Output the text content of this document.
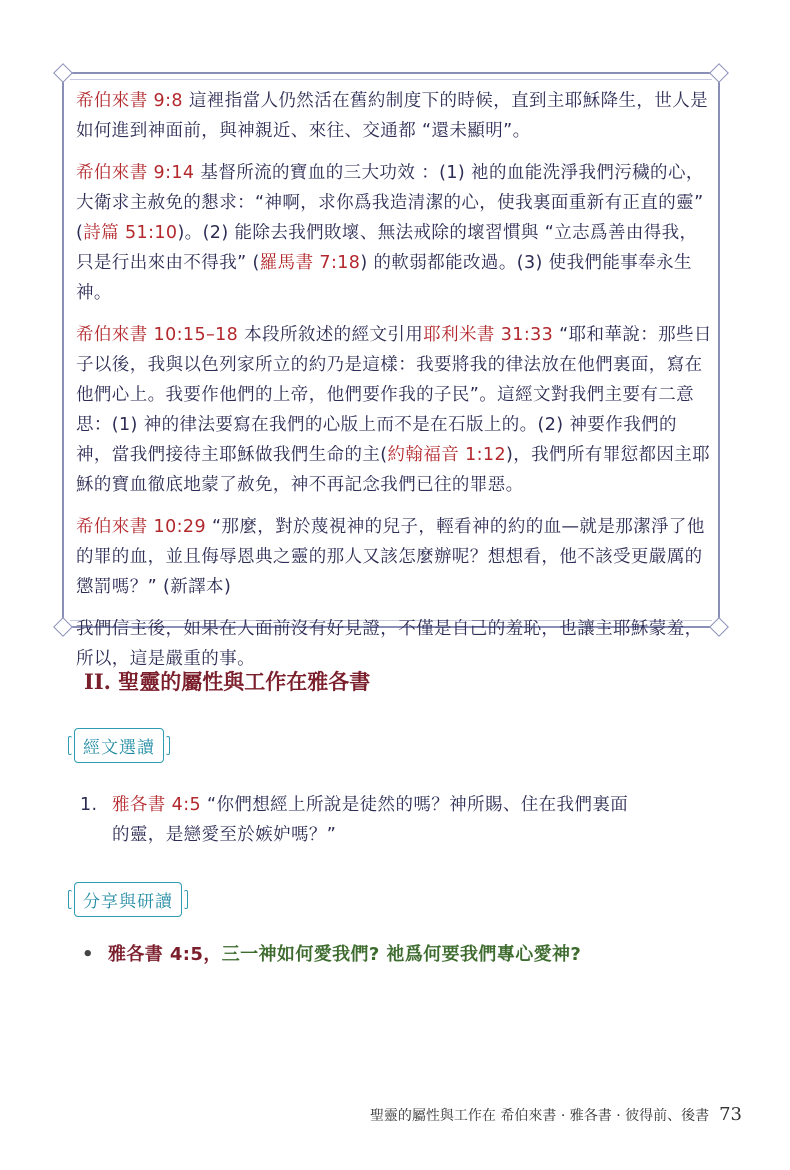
希伯來書 9:8 這裡指當人仍然活在舊約制度下的時候，直到主耶穌降生，世人是如何進到神面前，與神親近、來往、交通都 “還未顯明”。

希伯來書 9:14 基督所流的寶血的三大功效 ：(1) 祂的血能洗淨我們污穢的心，大衛求主赦免的懇求：“神啊，求你爲我造清潔的心，使我裏面重新有正直的靈” (詩篇 51:10)。(2) 能除去我們敗壞、無法戒除的壞習慣與 “立志爲善由得我，只是行出來由不得我” (羅馬書 7:18) 的軟弱都能改過。(3) 使我們能事奉永生神。

希伯來書 10:15–18 本段所敘述的經文引用耶利米書 31:33 “耶和華說：那些日子以後，我與以色列家所立的約乃是這樣：我要將我的律法放在他們裏面，寫在他們心上。我要作他們的上帝，他們要作我的子民”。這經文對我們主要有二意思：(1) 神的律法要寫在我們的心版上而不是在石版上的。(2) 神要作我們的神，當我們接待主耶穌做我們生命的主(約翰福音 1:12)，我們所有罪愆都因主耶穌的寶血徹底地蒙了赦免，神不再記念我們已往的罪惡。

希伯來書 10:29 “那麼，對於蔑視神的兒子，輕看神的約的血—就是那潔淨了他的罪的血，並且侮辱恩典之靈的那人又該怎麼辦呢？想想看，他不該受更嚴厲的懲罰嗎？” (新譯本)

我們信主後，如果在人面前沒有好見證，不僅是自己的羞恥，也讓主耶穌蒙羞，所以，這是嚴重的事。

II. 聖靈的屬性與工作在雅各書
經文選讀
1. 雅各書 4:5 “你們想經上所說是徒然的嗎？神所賜、住在我們裏面
的靈，是戀愛至於嫉妒嗎？”
分享與研讀
• 雅各書 4:5，三一神如何愛我們? 祂爲何要我們專心愛神?
聖靈的屬性與工作在 希伯來書 · 雅各書 · 彼得前、後書 73
